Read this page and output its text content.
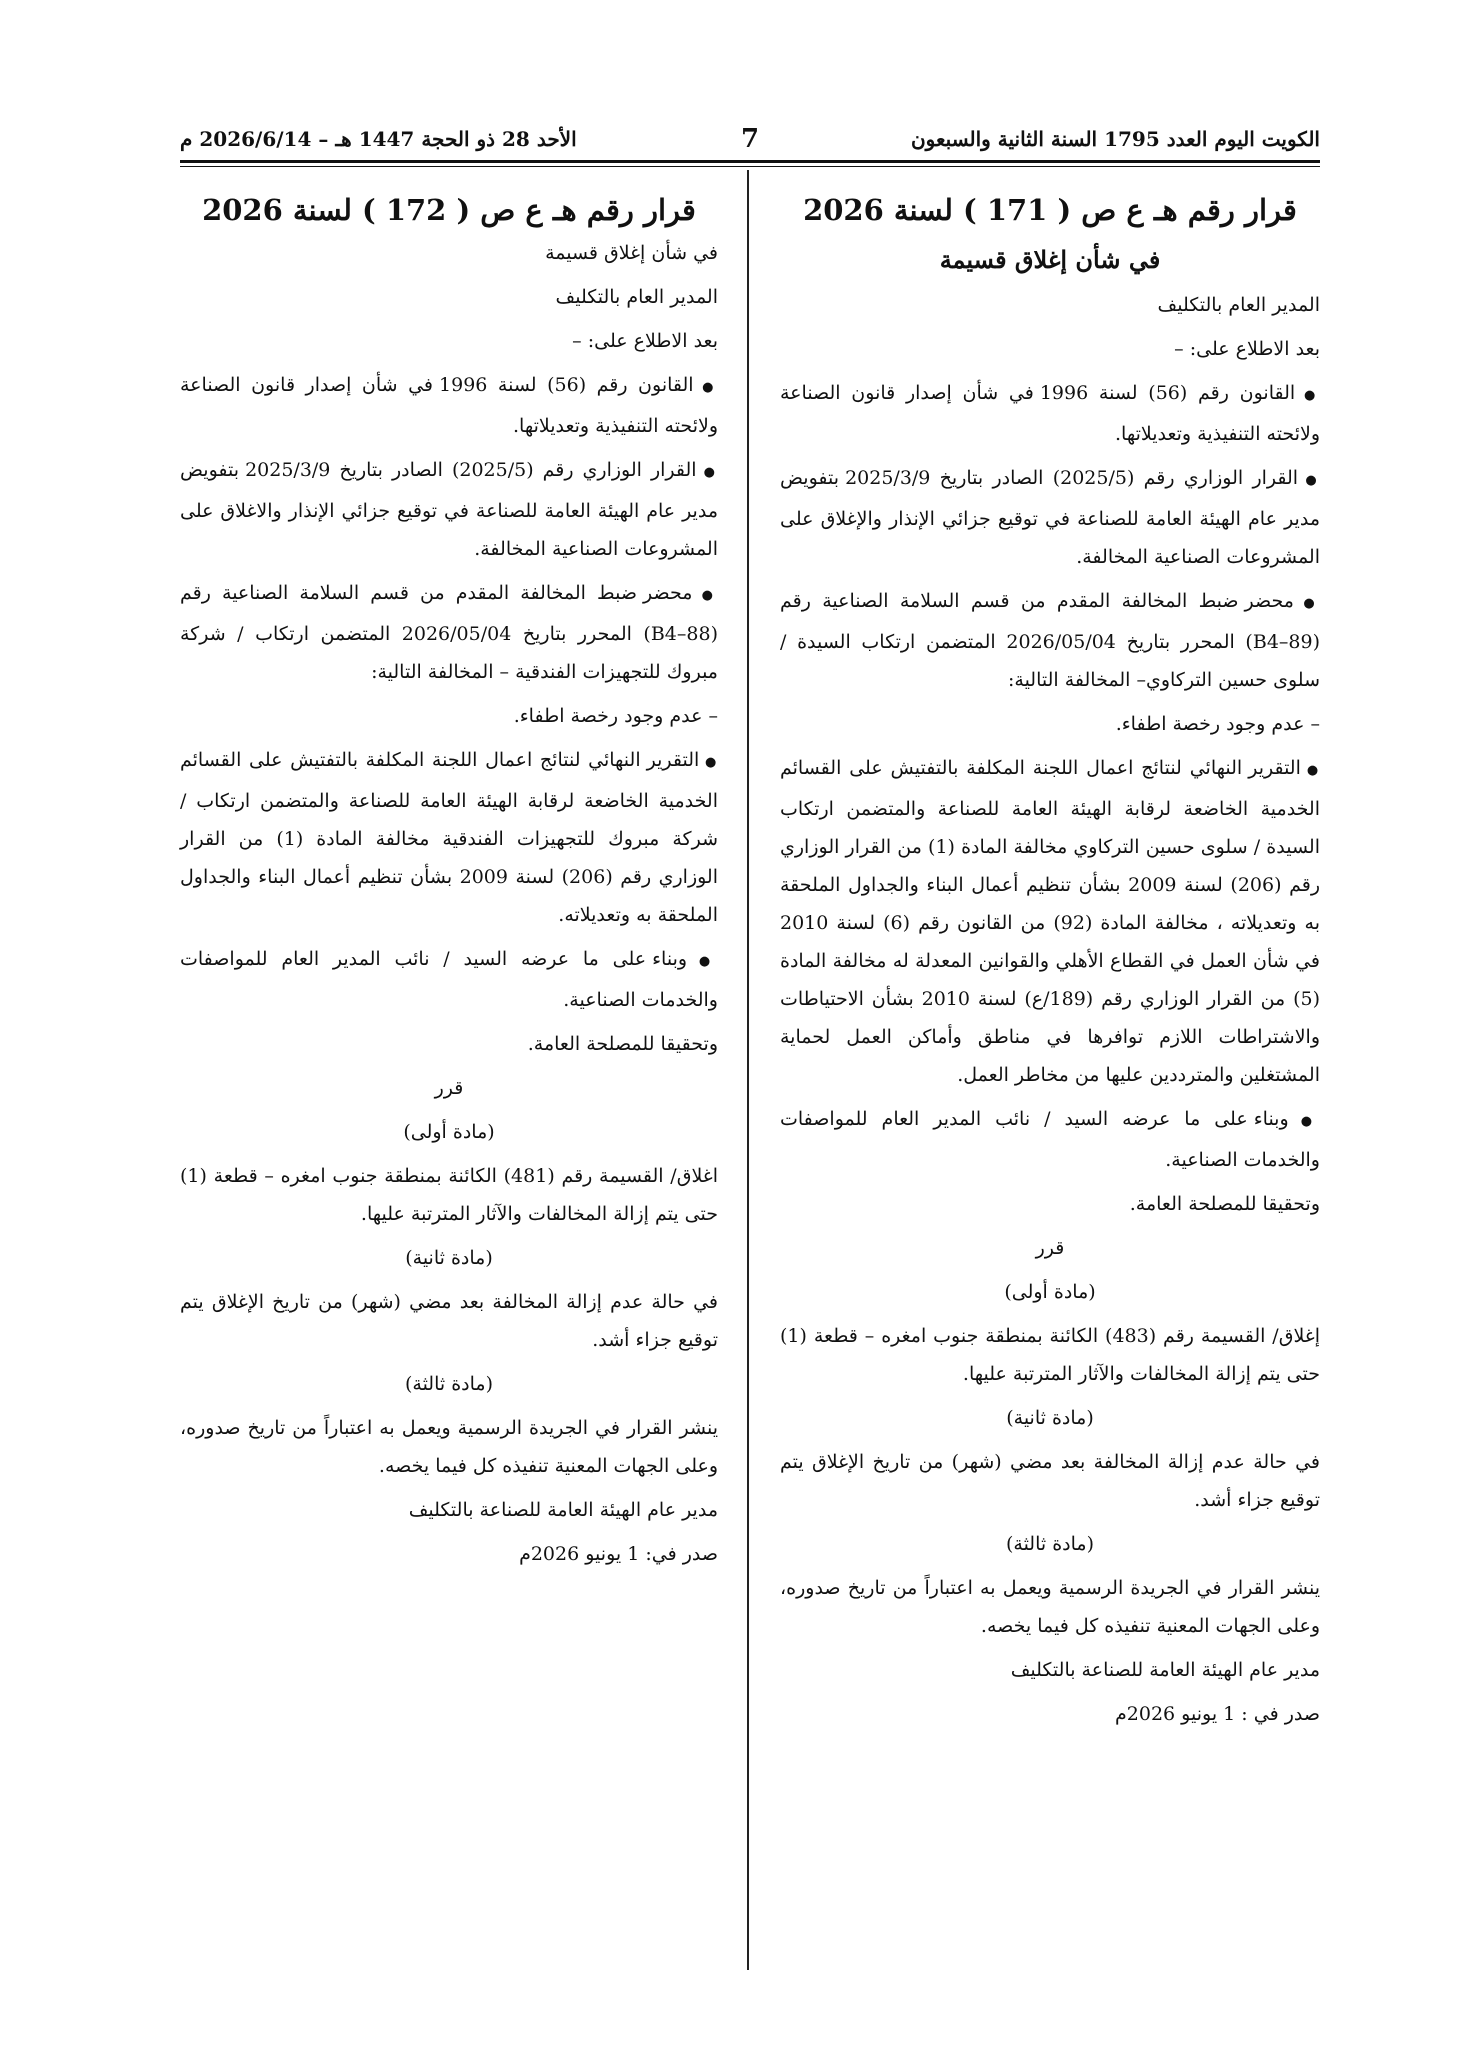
الكويت اليوم العدد 1795 السنة الثانية والسبعون
7
الأحد 28 ذو الحجة 1447 هـ – 2026/6/14 م

قرار رقم هـ ع ص ( 171 ) لسنة 2026

في شأن إغلاق قسيمة

المدير العام بالتكليف

بعد الاطلاع على: –

● القانون رقم (56) لسنة 1996 في شأن إصدار قانون الصناعة ولائحته التنفيذية وتعديلاتها.

● القرار الوزاري رقم (2025/5) الصادر بتاريخ 2025/3/9 بتفويض مدير عام الهيئة العامة للصناعة في توقيع جزائي الإنذار والإغلاق على المشروعات الصناعية المخالفة.

● محضر ضبط المخالفة المقدم من قسم السلامة الصناعية رقم (B4–89) المحرر بتاريخ 2026/05/04 المتضمن ارتكاب السيدة / سلوى حسين التركاوي– المخالفة التالية:

– عدم وجود رخصة اطفاء.

● التقرير النهائي لنتائج اعمال اللجنة المكلفة بالتفتيش على القسائم الخدمية الخاضعة لرقابة الهيئة العامة للصناعة والمتضمن ارتكاب السيدة / سلوى حسين التركاوي مخالفة المادة (1) من القرار الوزاري رقم (206) لسنة 2009 بشأن تنظيم أعمال البناء والجداول الملحقة به وتعديلاته ، مخالفة المادة (92) من القانون رقم (6) لسنة 2010 في شأن العمل في القطاع الأهلي والقوانين المعدلة له مخالفة المادة (5) من القرار الوزاري رقم (189/ع) لسنة 2010 بشأن الاحتياطات والاشتراطات اللازم توافرها في مناطق وأماكن العمل لحماية المشتغلين والمترددين عليها من مخاطر العمل.

● وبناء على ما عرضه السيد / نائب المدير العام للمواصفات والخدمات الصناعية.

وتحقيقا للمصلحة العامة.

قرر

(مادة أولى)

إغلاق/ القسيمة رقم (483) الكائنة بمنطقة جنوب امغره – قطعة (1) حتى يتم إزالة المخالفات والآثار المترتبة عليها.

(مادة ثانية)

في حالة عدم إزالة المخالفة بعد مضي (شهر) من تاريخ الإغلاق يتم توقيع جزاء أشد.

(مادة ثالثة)

ينشر القرار في الجريدة الرسمية ويعمل به اعتباراً من تاريخ صدوره، وعلى الجهات المعنية تنفيذه كل فيما يخصه.

مدير عام الهيئة العامة للصناعة بالتكليف

صدر في : 1 يونيو 2026م

قرار رقم هـ ع ص ( 172 ) لسنة 2026

في شأن إغلاق قسيمة

المدير العام بالتكليف

بعد الاطلاع على: –

● القانون رقم (56) لسنة 1996 في شأن إصدار قانون الصناعة ولائحته التنفيذية وتعديلاتها.

● القرار الوزاري رقم (2025/5) الصادر بتاريخ 2025/3/9 بتفويض مدير عام الهيئة العامة للصناعة في توقيع جزائي الإنذار والاغلاق على المشروعات الصناعية المخالفة.

● محضر ضبط المخالفة المقدم من قسم السلامة الصناعية رقم (B4–88) المحرر بتاريخ 2026/05/04 المتضمن ارتكاب / شركة مبروك للتجهيزات الفندقية – المخالفة التالية:

– عدم وجود رخصة اطفاء.

● التقرير النهائي لنتائج اعمال اللجنة المكلفة بالتفتيش على القسائم الخدمية الخاضعة لرقابة الهيئة العامة للصناعة والمتضمن ارتكاب / شركة مبروك للتجهيزات الفندقية مخالفة المادة (1) من القرار الوزاري رقم (206) لسنة 2009 بشأن تنظيم أعمال البناء والجداول الملحقة به وتعديلاته.

● وبناء على ما عرضه السيد / نائب المدير العام للمواصفات والخدمات الصناعية.

وتحقيقا للمصلحة العامة.

قرر

(مادة أولى)

اغلاق/ القسيمة رقم (481) الكائنة بمنطقة جنوب امغره – قطعة (1) حتى يتم إزالة المخالفات والآثار المترتبة عليها.

(مادة ثانية)

في حالة عدم إزالة المخالفة بعد مضي (شهر) من تاريخ الإغلاق يتم توقيع جزاء أشد.

(مادة ثالثة)

ينشر القرار في الجريدة الرسمية ويعمل به اعتباراً من تاريخ صدوره، وعلى الجهات المعنية تنفيذه كل فيما يخصه.

مدير عام الهيئة العامة للصناعة بالتكليف

صدر في: 1 يونيو 2026م
